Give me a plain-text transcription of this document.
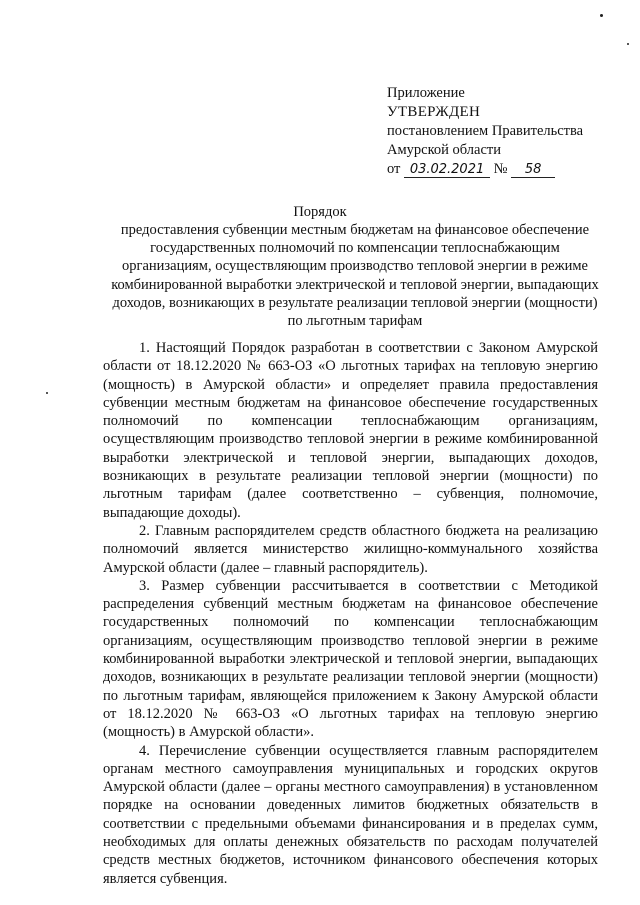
Приложение
УТВЕРЖДЕН
постановлением Правительства
Амурской области
от 03.02.2021 № 58
Порядок
предоставления субвенции местным бюджетам на финансовое обеспечение государственных полномочий по компенсации теплоснабжающим организациям, осуществляющим производство тепловой энергии в режиме комбинированной выработки электрической и тепловой энергии, выпадающих доходов, возникающих в результате реализации тепловой энергии (мощности) по льготным тарифам

1. Настоящий Порядок разработан в соответствии с Законом Амурской области от 18.12.2020 № 663-ОЗ «О льготных тарифах на тепловую энергию (мощность) в Амурской области» и определяет правила предоставления субвенции местным бюджетам на финансовое обеспечение государственных полномочий по компенсации теплоснабжающим организациям, осуществляющим производство тепловой энергии в режиме комбинированной выработки электрической и тепловой энергии, выпадающих доходов, возникающих в результате реализации тепловой энергии (мощности) по льготным тарифам (далее соответственно – субвенция, полномочие, выпадающие доходы).

2. Главным распорядителем средств областного бюджета на реализацию полномочий является министерство жилищно-коммунального хозяйства Амурской области (далее – главный распорядитель).

3. Размер субвенции рассчитывается в соответствии с Методикой распределения субвенций местным бюджетам на финансовое обеспечение государственных полномочий по компенсации теплоснабжающим организациям, осуществляющим производство тепловой энергии в режиме комбинированной выработки электрической и тепловой энергии, выпадающих доходов, возникающих в результате реализации тепловой энергии (мощности) по льготным тарифам, являющейся приложением к Закону Амурской области от 18.12.2020 № 663-ОЗ «О льготных тарифах на тепловую энергию (мощность) в Амурской области».

4. Перечисление субвенции осуществляется главным распорядителем органам местного самоуправления муниципальных и городских округов Амурской области (далее – органы местного самоуправления) в установленном порядке на основании доведенных лимитов бюджетных обязательств в соответствии с предельными объемами финансирования и в пределах сумм, необходимых для оплаты денежных обязательств по расходам получателей средств местных бюджетов, источником финансового обеспечения которых является субвенция.
